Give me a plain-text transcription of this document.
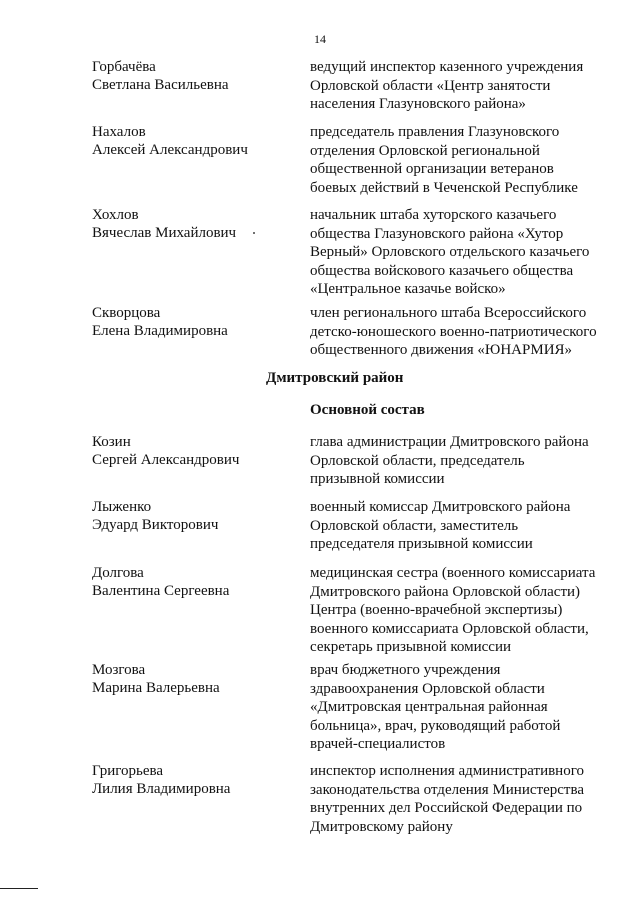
14
Горбачёва
Светлана Васильевна
ведущий инспектор казенного учреждения
Орловской области «Центр занятости
населения Глазуновского района»
Нахалов
Алексей Александрович
председатель правления Глазуновского
отделения Орловской региональной
общественной организации ветеранов
боевых действий в Чеченской Республике
Хохлов
Вячеслав Михайлович
начальник штаба хуторского казачьего
общества Глазуновского района «Хутор
Верный» Орловского отдельского казачьего
общества войскового казачьего общества
«Центральное казачье войско»
Скворцова
Елена Владимировна
член регионального штаба Всероссийского
детско-юношеского военно-патриотического
общественного движения «ЮНАРМИЯ»
Дмитровский район
Основной состав
Козин
Сергей Александрович
глава администрации Дмитровского района
Орловской области, председатель
призывной комиссии
Лыженко
Эдуард Викторович
военный комиссар Дмитровского района
Орловской области, заместитель
председателя призывной комиссии
Долгова
Валентина Сергеевна
медицинская сестра (военного комиссариата
Дмитровского района Орловской области)
Центра (военно-врачебной экспертизы)
военного комиссариата Орловской области,
секретарь призывной комиссии
Мозгова
Марина Валерьевна
врач бюджетного учреждения
здравоохранения Орловской области
«Дмитровская центральная районная
больница», врач, руководящий работой
врачей-специалистов
Григорьева
Лилия Владимировна
инспектор исполнения административного
законодательства отделения Министерства
внутренних дел Российской Федерации по
Дмитровскому району
